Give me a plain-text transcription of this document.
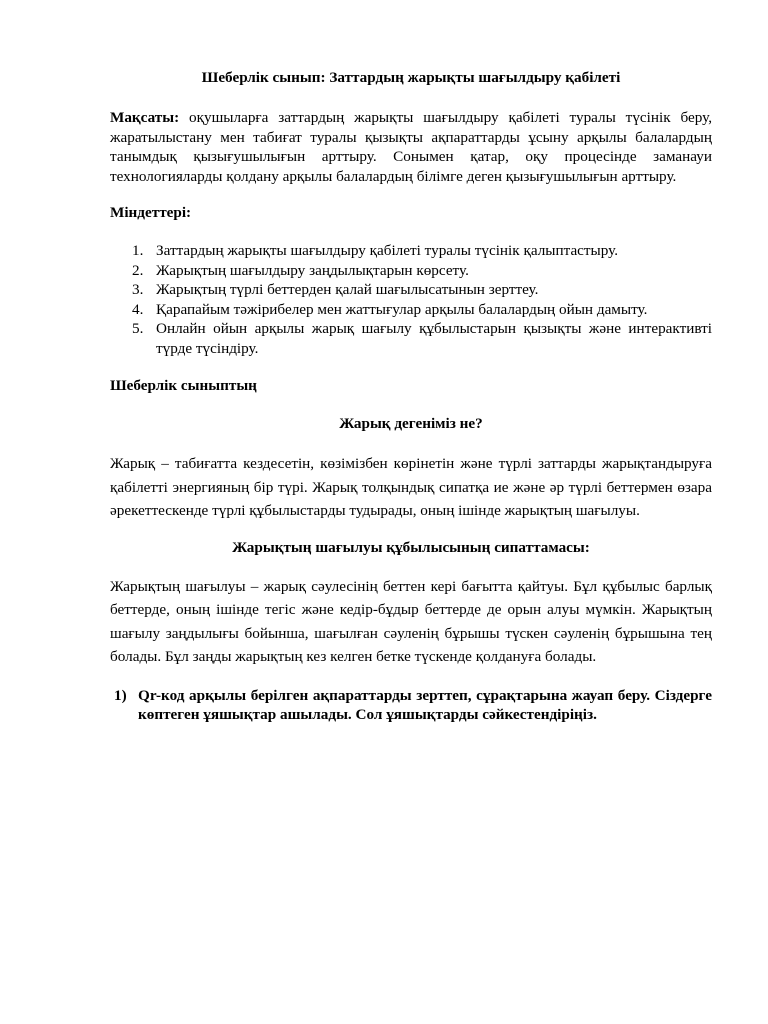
Шеберлік сынып: Заттардың жарықты шағылдыру қабілеті

Мақсаты: оқушыларға заттардың жарықты шағылдыру қабілеті туралы түсінік беру, жаратылыстану мен табиғат туралы қызықты ақпараттарды ұсыну арқылы балалардың танымдық қызығушылығын арттыру. Сонымен қатар, оқу процесінде заманауи технологияларды қолдану арқылы балалардың білімге деген қызығушылығын арттыру.

Міндеттері:

1. Заттардың жарықты шағылдыру қабілеті туралы түсінік қалыптастыру.
2. Жарықтың шағылдыру заңдылықтарын көрсету.
3. Жарықтың түрлі беттерден қалай шағылысатынын зерттеу.
4. Қарапайым тәжірибелер мен жаттығулар арқылы балалардың ойын дамыту.
5. Онлайн ойын арқылы жарық шағылу құбылыстарын қызықты және интерактивті түрде түсіндіру.

Шеберлік сыныптың

Жарық дегеніміз не?

Жарық – табиғатта кездесетін, көзімізбен көрінетін және түрлі заттарды жарықтандыруға қабілетті энергияның бір түрі. Жарық толқындық сипатқа ие және әр түрлі беттермен өзара әрекеттескенде түрлі құбылыстарды тудырады, оның ішінде жарықтың шағылуы.

Жарықтың шағылуы құбылысының сипаттамасы:

Жарықтың шағылуы – жарық сәулесінің беттен кері бағытта қайтуы. Бұл құбылыс барлық беттерде, оның ішінде тегіс және кедір-бұдыр беттерде де орын алуы мүмкін. Жарықтың шағылу заңдылығы бойынша, шағылған сәуленің бұрышы түскен сәуленің бұрышына тең болады. Бұл заңды жарықтың кез келген бетке түскенде қолдануға болады.

1) Qr-код арқылы берілген ақпараттарды зерттеп, сұрақтарына жауап беру. Сіздерге көптеген ұяшықтар ашылады. Сол ұяшықтарды сәйкестендіріңіз.
